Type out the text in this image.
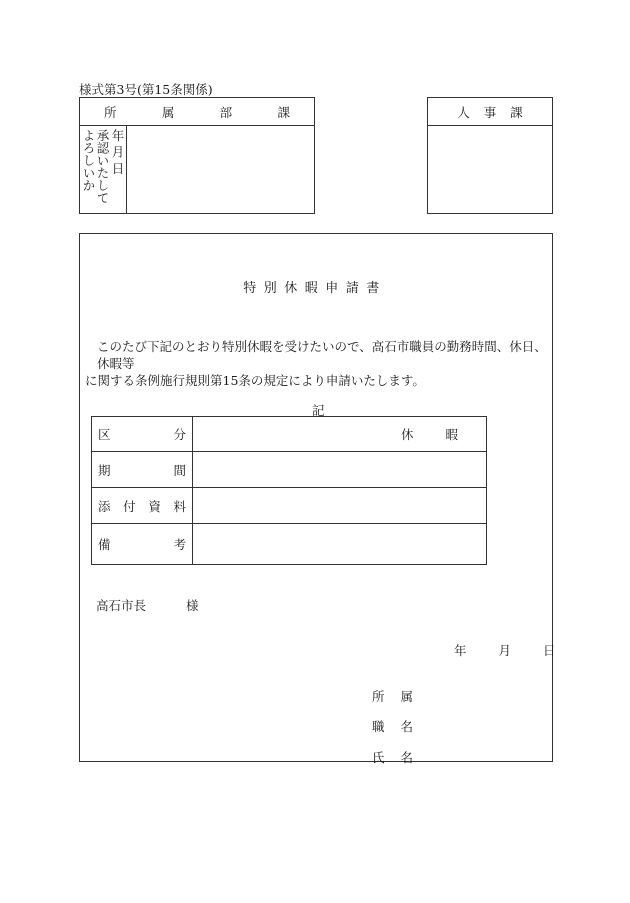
様式第3号(第15条関係)
所	属	部	課
年 月 日
承認いたして
よろしいか
人 事 課
特別休暇申請書
このたび下記のとおり特別休暇を受けたいので、高石市職員の勤務時間、休日、休暇等
に関する条例施行規則第15条の規定により申請いたします。
記
区 分	休 暇

期 間	

添 付 資 料	

備 考	

高石市長	様
年	月	日
所 属
職 名
氏 名
